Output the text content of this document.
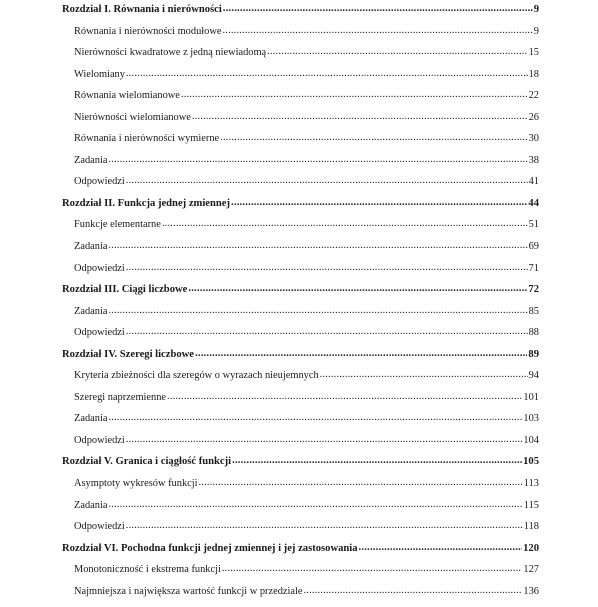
Rozdział I. Równania i nierówności .....	9
Równania i nierówności modułowe .....	9
Nierówności kwadratowe z jedną niewiadomą .....	15
Wielomiany .....	18
Równania wielomianowe .....	22
Nierówności wielomianowe .....	26
Równania i nierówności wymierne .....	30
Zadania .....	38
Odpowiedzi .....	41
Rozdział II. Funkcja jednej zmiennej .....	44
Funkcje elementarne .....	51
Zadania .....	69
Odpowiedzi .....	71
Rozdział III. Ciągi liczbowe .....	72
Zadania .....	85
Odpowiedzi .....	88
Rozdział IV. Szeregi liczbowe .....	89
Kryteria zbieżności dla szeregów o wyrazach nieujemnych .....	94
Szeregi naprzemienne .....	101
Zadania .....	103
Odpowiedzi .....	104
Rozdział V. Granica i ciągłość funkcji .....	105
Asymptoty wykresów funkcji .....	113
Zadania .....	115
Odpowiedzi .....	118
Rozdział VI. Pochodna funkcji jednej zmiennej i jej zastosowania .....	120
Monotoniczność i ekstrema funkcji .....	127
Najmniejsza i największa wartość funkcji w przedziale .....	136
